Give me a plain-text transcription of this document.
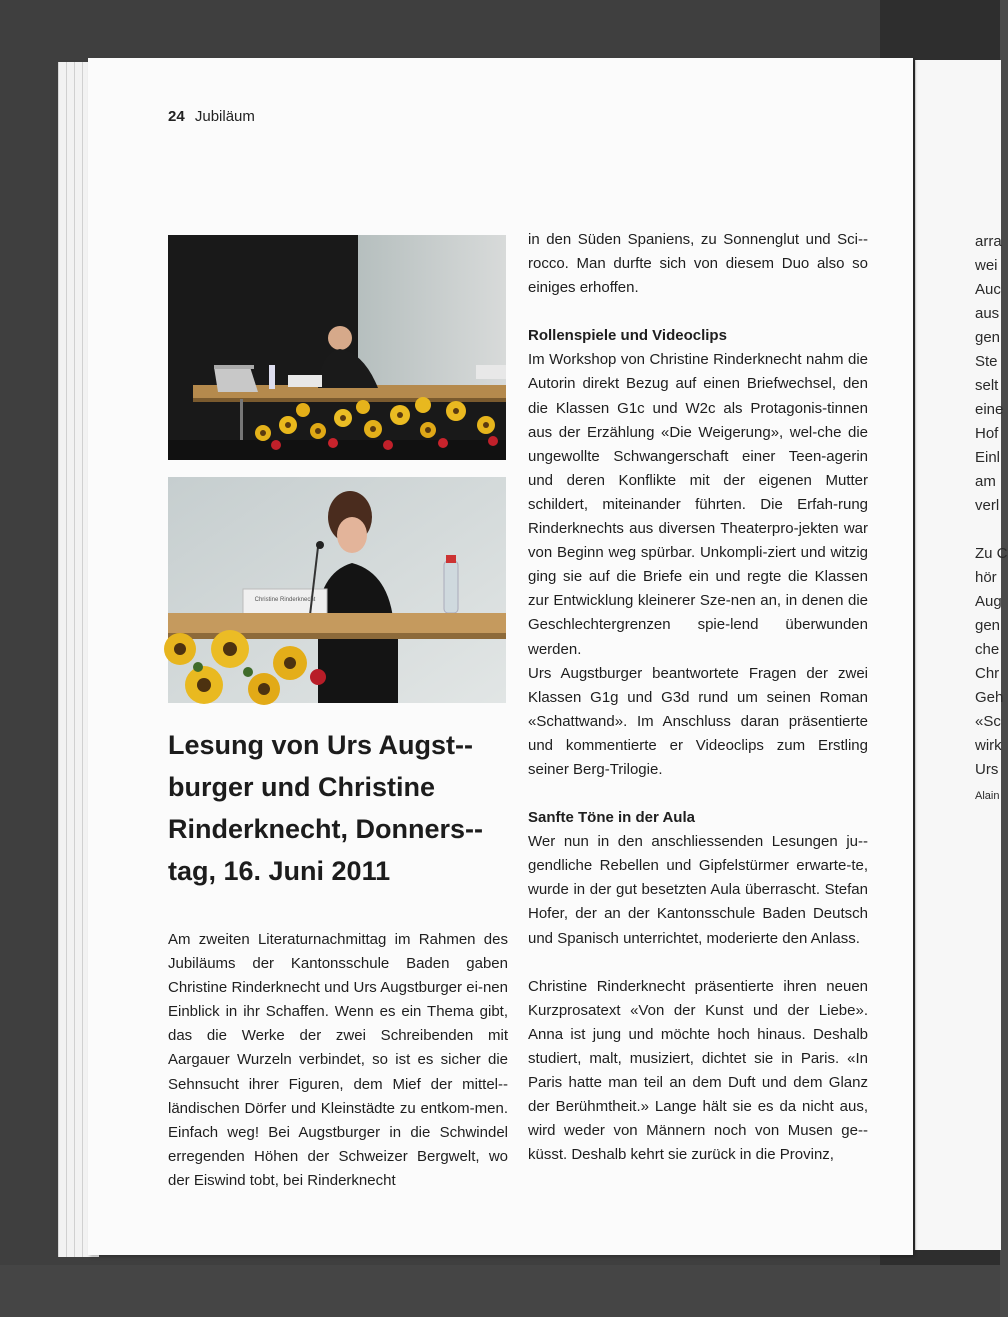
arra
wei
Auc
aus
gen
Ste
selt
eine
Hof
Einl
am
verl
Zu C
hör
Aug
gen
che
Chr
Geh
«Sc
wirk
Urs
Alain
24 Jubiläum
Christine Rinderknecht
Lesung von Urs Augst-burger und Christine Rinderknecht, Donners-tag, 16. Juni 2011

Am zweiten Literaturnachmittag im Rahmen des Jubiläums der Kantonsschule Baden gaben Christine Rinderknecht und Urs Augstburger ei-nen Einblick in ihr Schaffen. Wenn es ein Thema gibt, das die Werke der zwei Schreibenden mit Aargauer Wurzeln verbindet, so ist es sicher die Sehnsucht ihrer Figuren, dem Mief der mittel-ländischen Dörfer und Kleinstädte zu entkom-men. Einfach weg! Bei Augstburger in die Schwindel erregenden Höhen der Schweizer Bergwelt, wo der Eiswind tobt, bei Rinderknecht

in den Süden Spaniens, zu Sonnenglut und Sci-rocco. Man durfte sich von diesem Duo also so einiges erhoffen.

Rollenspiele und Videoclips

Im Workshop von Christine Rinderknecht nahm die Autorin direkt Bezug auf einen Briefwechsel, den die Klassen G1c und W2c als Protagonis-tinnen aus der Erzählung «Die Weigerung», wel-che die ungewollte Schwangerschaft einer Teen-agerin und deren Konflikte mit der eigenen Mutter schildert, miteinander führten. Die Erfah-rung Rinderknechts aus diversen Theaterpro-jekten war von Beginn weg spürbar. Unkompli-ziert und witzig ging sie auf die Briefe ein und regte die Klassen zur Entwicklung kleinerer Sze-nen an, in denen die Geschlechtergrenzen spie-lend überwunden werden.

Urs Augstburger beantwortete Fragen der zwei Klassen G1g und G3d rund um seinen Roman «Schattwand». Im Anschluss daran präsentierte und kommentierte er Videoclips zum Erstling seiner Berg-Trilogie.

Sanfte Töne in der Aula

Wer nun in den anschliessenden Lesungen ju-gendliche Rebellen und Gipfelstürmer erwarte-te, wurde in der gut besetzten Aula überrascht. Stefan Hofer, der an der Kantonsschule Baden Deutsch und Spanisch unterrichtet, moderierte den Anlass.

Christine Rinderknecht präsentierte ihren neuen Kurzprosatext «Von der Kunst und der Liebe». Anna ist jung und möchte hoch hinaus. Deshalb studiert, malt, musiziert, dichtet sie in Paris. «In Paris hatte man teil an dem Duft und dem Glanz der Berühmtheit.» Lange hält sie es da nicht aus, wird weder von Männern noch von Musen ge-küsst. Deshalb kehrt sie zurück in die Provinz,
